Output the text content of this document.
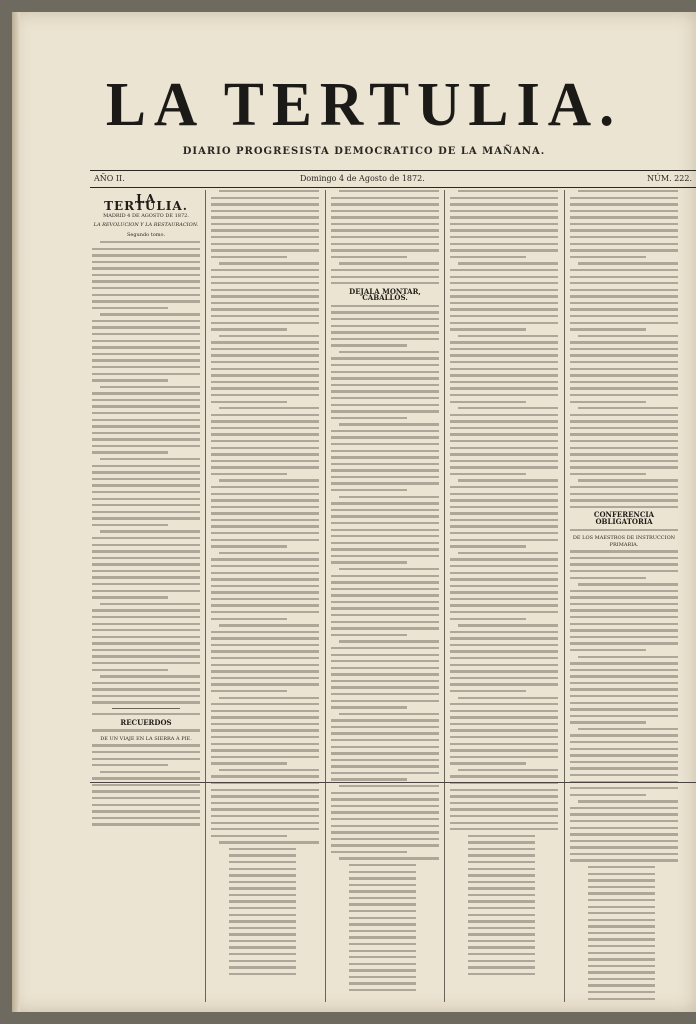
LA TERTULIA.
DIARIO PROGRESISTA DEMOCRATICO DE LA MAÑANA.
AÑO II.	Domingo 4 de Agosto de 1872.	NÚM. 222.
LA TERTULIA.
MADRID 4 DE AGOSTO DE 1872.
LA REVOLUCION Y LA RESTAURACION.
Segundo tomo.
RECUERDOS
DE UN VIAJE EN LA SIERRA Á PIE.
DEJALA MONTAR, CABALLOS.
CONFERENCIA OBLIGATORIA
DE LOS MAESTROS DE INSTRUCCION PRIMARIA.
